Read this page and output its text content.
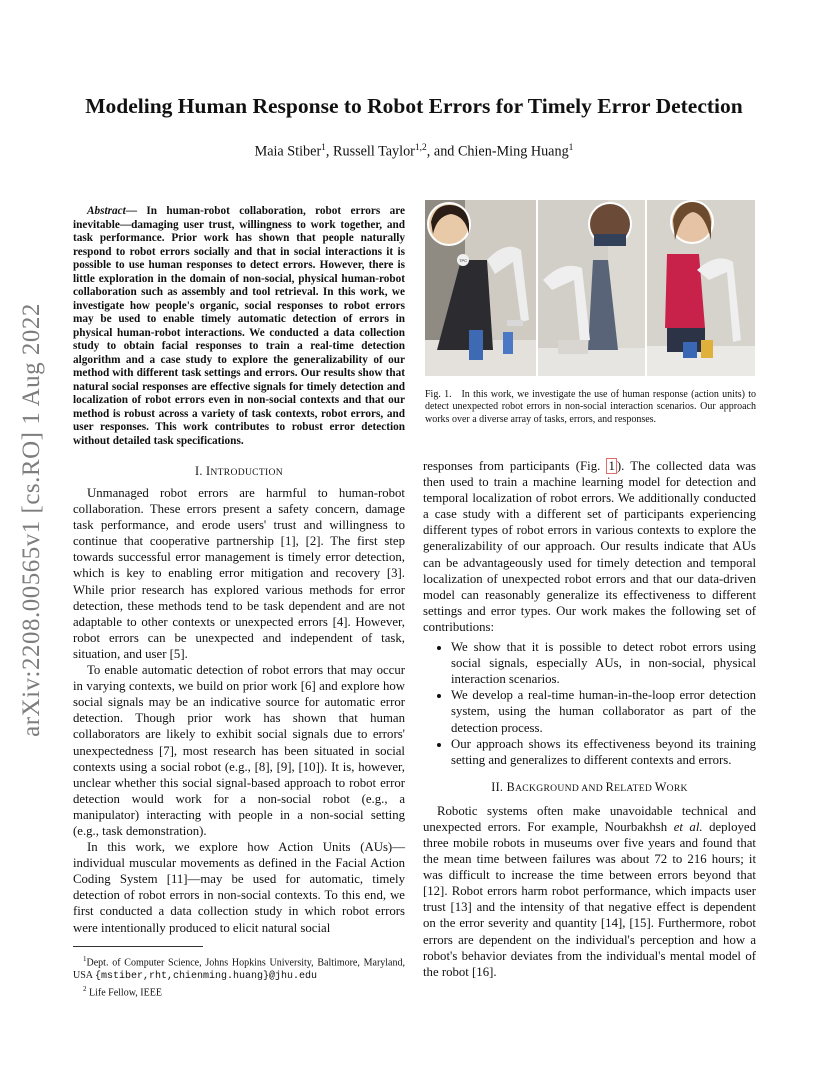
arXiv:2208.00565v1 [cs.RO] 1 Aug 2022
Modeling Human Response to Robot Errors for Timely Error Detection
Maia Stiber$^1$, Russell Taylor$^{1,2}$, and Chien-Ming Huang$^1$

Abstract— In human-robot collaboration, robot errors are inevitable—damaging user trust, willingness to work together, and task performance. Prior work has shown that people naturally respond to robot errors socially and that in social interactions it is possible to use human responses to detect errors. However, there is little exploration in the domain of non-social, physical human-robot collaboration such as assembly and tool retrieval. In this work, we investigate how people's organic, social responses to robot errors may be used to enable timely automatic detection of errors in physical human-robot interactions. We conducted a data collection study to obtain facial responses to train a real-time detection algorithm and a case study to explore the generalizability of our method with different task settings and errors. Our results show that natural social responses are effective signals for timely detection and localization of robot errors even in non-social contexts and that our method is robust across a variety of task contexts, robot errors, and user responses. This work contributes to robust error detection without detailed task specifications.

I. INTRODUCTION

Unmanaged robot errors are harmful to human-robot collaboration. These errors present a safety concern, damage task performance, and erode users' trust and willingness to continue that cooperative partnership [1], [2]. The first step towards successful error management is timely error detection, which is key to enabling error mitigation and recovery [3]. While prior research has explored various methods for error detection, these methods tend to be task dependent and are not adaptable to other contexts or unexpected errors [4]. However, robot errors can be unexpected and independent of task, situation, and user [5].

To enable automatic detection of robot errors that may occur in varying contexts, we build on prior work [6] and explore how social signals may be an indicative source for automatic error detection. Though prior work has shown that human collaborators are likely to exhibit social signals due to errors' unexpectedness [7], most research has been situated in social contexts using a social robot (e.g., [8], [9], [10]). It is, however, unclear whether this social signal-based approach to robot error detection would work for a non-social robot (e.g., a manipulator) interacting with people in a non-social setting (e.g., task demonstration).

In this work, we explore how Action Units (AUs)—individual muscular movements as defined in the Facial Action Coding System [11]—may be used for automatic, timely detection of robot errors in non-social contexts. To this end, we first conducted a data collection study in which robot errors were intentionally produced to elicit natural social

TPC
Fig. 1. In this work, we investigate the use of human response (action units) to detect unexpected robot errors in non-social interaction scenarios. Our approach works over a diverse array of tasks, errors, and responses.

responses from participants (Fig. 1 ). The collected data was then used to train a machine learning model for detection and temporal localization of robot errors. We additionally conducted a case study with a different set of participants experiencing different types of robot errors in various contexts to explore the generalizability of our approach. Our results indicate that AUs can be advantageously used for timely detection and temporal localization of unexpected robot errors and that our data-driven model can reasonably generalize its effectiveness to different settings and error types. Our work makes the following set of contributions:

• We show that it is possible to detect robot errors using social signals, especially AUs, in non-social, physical interaction scenarios.
• We develop a real-time human-in-the-loop error detection system, using the human collaborator as part of the detection process.
• Our approach shows its effectiveness beyond its training setting and generalizes to different contexts and errors.
II. BACKGROUND AND RELATED WORK

Robotic systems often make unavoidable technical and unexpected errors. For example, Nourbakhsh et al. deployed three mobile robots in museums over five years and found that the mean time between failures was about 72 to 216 hours; it was difficult to increase the time between errors beyond that [12]. Robot errors harm robot performance, which impacts user trust [13] and the intensity of that negative effect is dependent on the error severity and quantity [14], [15]. Furthermore, robot errors are dependent on the individual's perception and how a robot's behavior deviates from the individual's mental model of the robot [16].

$^1$Dept. of Computer Science, Johns Hopkins University, Baltimore, Maryland, USA {mstiber,rht,chienming.huang}@jhu.edu

$^2$ Life Fellow, IEEE
